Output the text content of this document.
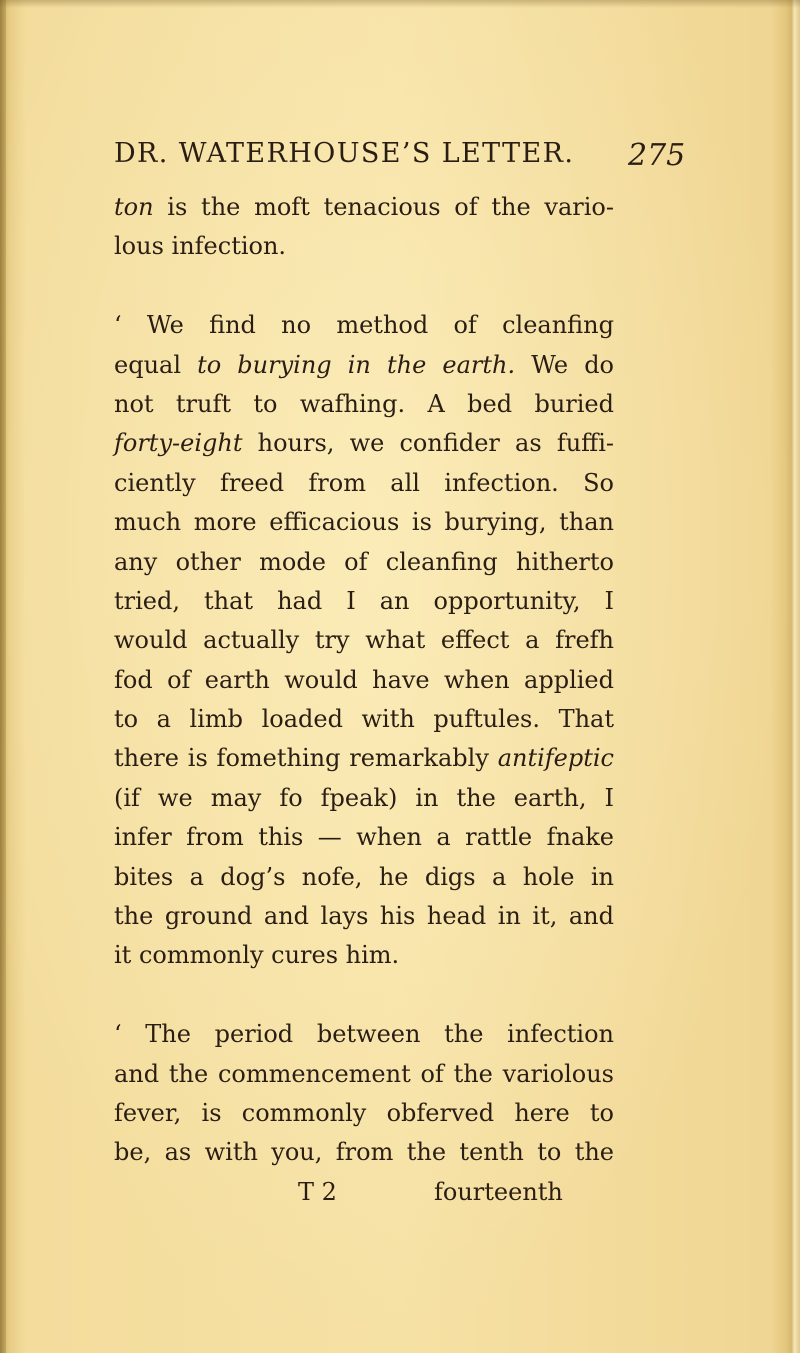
DR. WATERHOUSE’S LETTER. 275
ton is the moft tenacious of the vario-
lous infection.
‘ We find no method of cleanfing
equal to burying in the earth. We do
not truft to wafhing. A bed buried
forty-eight hours, we confider as fuffi-
ciently freed from all infection. So
much more efficacious is burying, than
any other mode of cleanfing hitherto
tried, that had I an opportunity, I
would actually try what effect a frefh
fod of earth would have when applied
to a limb loaded with puftules. That
there is fomething remarkably antifeptic
(if we may fo fpeak) in the earth, I
infer from this — when a rattle fnake
bites a dog’s nofe, he digs a hole in
the ground and lays his head in it, and
it commonly cures him.
‘ The period between the infection
and the commencement of the variolous
fever, is commonly obferved here to
be, as with you, from the tenth to the
T 2	fourteenth
